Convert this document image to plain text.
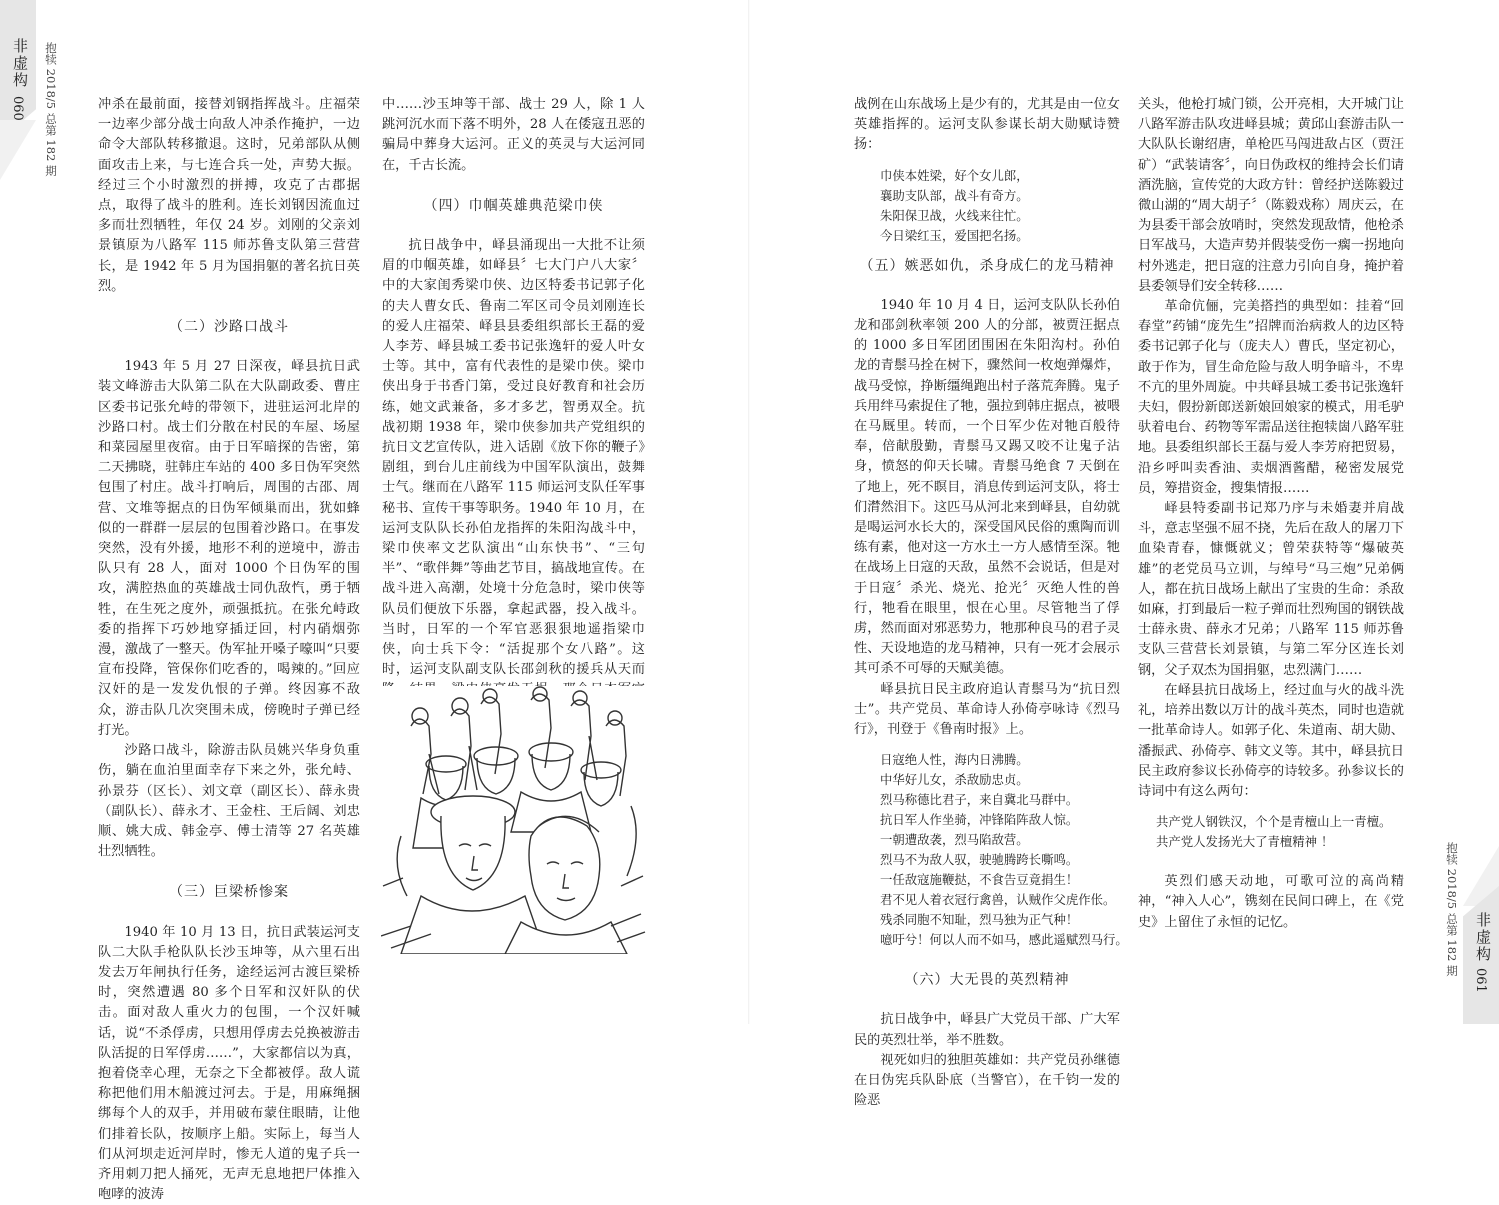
非虚构
060 抱犊 2018/5 总第 182 期	冲杀在最前面，接替刘钢指挥战斗。庄福荣一边率少部分战士向敌人冲杀作掩护，一边命令大部队转移撤退。这时，兄弟部队从侧面攻击上来，与七连合兵一处，声势大振。经过三个小时激烈的拼搏，攻克了古郡据点，取得了战斗的胜利。连长刘钢因流血过多而壮烈牺牲，年仅 24 岁。刘刚的父亲刘景镇原为八路军 115 师苏鲁支队第三营营长，是 1942 年 5 月为国捐躯的著名抗日英烈。

（二）沙路口战斗

1943 年 5 月 27 日深夜，峄县抗日武装文峰游击大队第二队在大队副政委、曹庄区委书记张允峙的带领下，进驻运河北岸的沙路口村。战士们分散在村民的车屋、场屋和菜园屋里夜宿。由于日军暗探的告密，第二天拂晓，驻韩庄车站的 400 多日伪军突然包围了村庄。战斗打响后，周围的古邵、周营、文堆等据点的日伪军倾巢而出，犹如蜂似的一群群一层层的包围着沙路口。在事发突然，没有外援，地形不利的逆境中，游击队只有 28 人，面对 1000 个日伪军的围攻，满腔热血的英雄战士同仇敌忾，勇于牺牲，在生死之度外，顽强抵抗。在张允峙政委的指挥下巧妙地穿插迂回，村内硝烟弥漫，激战了一整天。伪军扯开嗓子嚎叫“只要宣布投降，管保你们吃香的，喝辣的。”回应汉奸的是一发发仇恨的子弹。终因寡不敌众，游击队几次突围未成，傍晚时子弹已经打光。

沙路口战斗，除游击队员姚兴华身负重伤，躺在血泊里面幸存下来之外，张允峙、孙景芬（区长）、刘文章（副区长）、薛永贵（副队长）、薛永才、王金柱、王后阔、刘忠顺、姚大成、韩金亭、傅士清等 27 名英雄壮烈牺牲。

（三）巨梁桥惨案

1940 年 10 月 13 日，抗日武装运河支队二大队手枪队队长沙玉坤等，从六里石出发去万年闸执行任务，途经运河古渡巨梁桥时，突然遭遇 80 多个日军和汉奸队的伏击。面对敌人重火力的包围，一个汉奸喊话，说“不杀俘虏，只想用俘虏去兑换被游击队活捉的日军俘虏……”，大家都信以为真，抱着侥幸心理，无奈之下全都被俘。敌人谎称把他们用木船渡过河去。于是，用麻绳捆绑每个人的双手，并用破布蒙住眼睛，让他们排着长队，按顺序上船。实际上，每当人们从河坝走近河岸时，惨无人道的鬼子兵一齐用刺刀把人捅死，无声无息地把尸体推入咆哮的波涛

中……沙玉坤等干部、战士 29 人，除 1 人跳河沉水而下落不明外，28 人在倭寇丑恶的骗局中葬身大运河。正义的英灵与大运河同在，千古长流。

（四）巾帼英雄典范梁巾侠

抗日战争中，峄县涌现出一大批不让须眉的巾帼英雄，如峄县〞七大门户八大家〞中的大家闺秀梁巾侠、边区特委书记郭子化的夫人曹女氏、鲁南二军区司令员刘刚连长的爱人庄福荣、峄县县委组织部长王磊的爱人李芳、峄县城工委书记张逸轩的爱人叶女士等。其中，富有代表性的是梁巾侠。梁巾侠出身于书香门第，受过良好教育和社会历练，她文武兼备，多才多艺，智勇双全。抗战初期 1938 年，梁巾侠参加共产党组织的抗日文艺宣传队，进入话剧《放下你的鞭子》剧组，到台儿庄前线为中国军队演出，鼓舞士气。继而在八路军 115 师运河支队任军事秘书、宣传干事等职务。1940 年 10 月，在运河支队队长孙伯龙指挥的朱阳沟战斗中，梁巾侠率文艺队演出“山东快书”、“三句半”、“歌伴舞”等曲艺节目，搞战地宣传。在战斗进入高潮，处境十分危急时，梁巾侠等队员们便放下乐器，拿起武器，投入战斗。当时，日军的一个军官恶狠狠地遥指梁巾侠，向士兵下令：“活捉那个女八路”。这时，运河支队副支队长邵剑秋的援兵从天而

战例在山东战场上是少有的，尤其是由一位女英雄指挥的。运河支队参谋长胡大勋赋诗赞扬：

巾侠本姓梁，好个女儿郎，
襄助支队部，战斗有奇方。
朱阳保卫战，火线来往忙。
今日梁红玉，爱国把名扬。
（五）嫉恶如仇，杀身成仁的龙马精神

1940 年 10 月 4 日，运河支队队长孙伯龙和邵剑秋率领 200 人的分部，被贾汪据点的 1000 多日军团团围困在朱阳沟村。孙伯龙的青鬃马拴在树下，骤然间一枚炮弹爆炸，战马受惊，挣断缰绳跑出村子落荒奔腾。鬼子兵用绊马索捉住了牠，强拉到韩庄据点，被喂在马厩里。转而，一个日军少佐对牠百般待奉，倍献殷勤，青鬃马又踢又咬不让鬼子沾身，愤怒的仰天长啸。青鬃马绝食 7 天倒在了地上，死不瞑目，消息传到运河支队，将士们潸然泪下。这匹马从河北来到峄县，自幼就是喝运河水长大的，深受国风民俗的熏陶而训练有素，他对这一方水土一方人感情至深。牠在战场上日寇的天敌，虽然不会说话，但是对于日寇〞杀光、烧光、抢光〞灭绝人性的兽行，牠看在眼里，恨在心里。尽管牠当了俘虏，然而面对邪恶势力，牠那种良马的君子灵性、天设地造的龙马精神，只有一死才会展示其可杀不可辱的天赋美德。

峄县抗日民主政府追认青鬃马为“抗日烈士”。共产党员、革命诗人孙倚亭咏诗《烈马行》，刊登于《鲁南时报》上。

日寇绝人性，海内日沸腾。
中华好儿女，杀敌励忠贞。
烈马称德比君子，来自冀北马群中。
抗日军人作坐骑，冲锋陷阵敌人惊。
一朝遭敌袭，烈马陷敌营。
烈马不为敌人驭，驶驰腾跨长嘶鸣。
一任敌寇施鞭挞，不食告豆竟捐生！
君不见人着衣冠行禽兽，认贼作父虎作伥。
残杀同胞不知耻，烈马独为正气种！
噫吁兮！何以人而不如马，感此遥赋烈马行。
（六）大无畏的英烈精神

抗日战争中，峄县广大党员干部、广大军民的英烈壮举，举不胜数。

视死如归的独胆英雄如：共产党员孙继德在日伪宪兵队卧底（当警官），在千钧一发的险恶

关头，他枪打城门锁，公开亮相，大开城门让八路军游击队攻进峄县城；黄邱山套游击队一大队队长谢绍唐，单枪匹马闯进敌占区（贾汪矿）“武装请客〞，向日伪政权的维持会长们请酒洗脑，宣传党的大政方针：曾经护送陈毅过微山湖的“周大胡子〞（陈毅戏称）周庆云，在为县委干部会放哨时，突然发现敌情，他枪杀日军战马，大造声势并假装受伤一瘸一拐地向村外逃走，把日寇的注意力引向自身，掩护着县委领导们安全转移……

革命伉俪，完美搭挡的典型如：挂着“回春堂”药铺“庞先生”招牌而治病救人的边区特委书记郭子化与（庞夫人）曹氏，坚定初心，敢于作为，冒生命危险与敌人明争暗斗，不卑不亢的里外周旋。中共峄县城工委书记张逸轩夫妇，假扮新郎送新娘回娘家的模式，用毛驴驮着电台、药物等军需品送往抱犊崮八路军驻地。县委组织部长王磊与爱人李芳府把贸易，沿乡呼叫卖香油、卖烟酒酱醋，秘密发展党员，筹措资金，搜集情报……

峄县特委副书记郑乃序与未婚妻并肩战斗，意志坚强不屈不挠，先后在敌人的屠刀下血染青春，慷慨就义；曾荣获特等“爆破英雄”的老党员马立训，与绰号“马三炮”兄弟俩人，都在抗日战场上献出了宝贵的生命：杀敌如麻，打到最后一粒子弹而壮烈殉国的钢铁战士薛永贵、薛永才兄弟；八路军 115 师苏鲁支队三营营长刘景镇，与第二军分区连长刘钢，父子双杰为国捐躯，忠烈满门……

在峄县抗日战场上，经过血与火的战斗洗礼，培养出数以万计的战斗英杰，同时也造就一批革命诗人。如郭子化、朱道南、胡大勋、潘振武、孙倚亭、韩文义等。其中，峄县抗日民主政府参议长孙倚亭的诗较多。孙参议长的诗词中有这么两句：

共产党人钢铁汉，个个是青檀山上一青檀。
共产党人发扬光大了青檀精神 ！

英烈们感天动地，可歌可泣的高尚精神，“神入人心”，镌刻在民间口碑上，在《党史》上留住了永恒的记忆。	抱犊 2018/5 总第 182 期 非虚构
061
